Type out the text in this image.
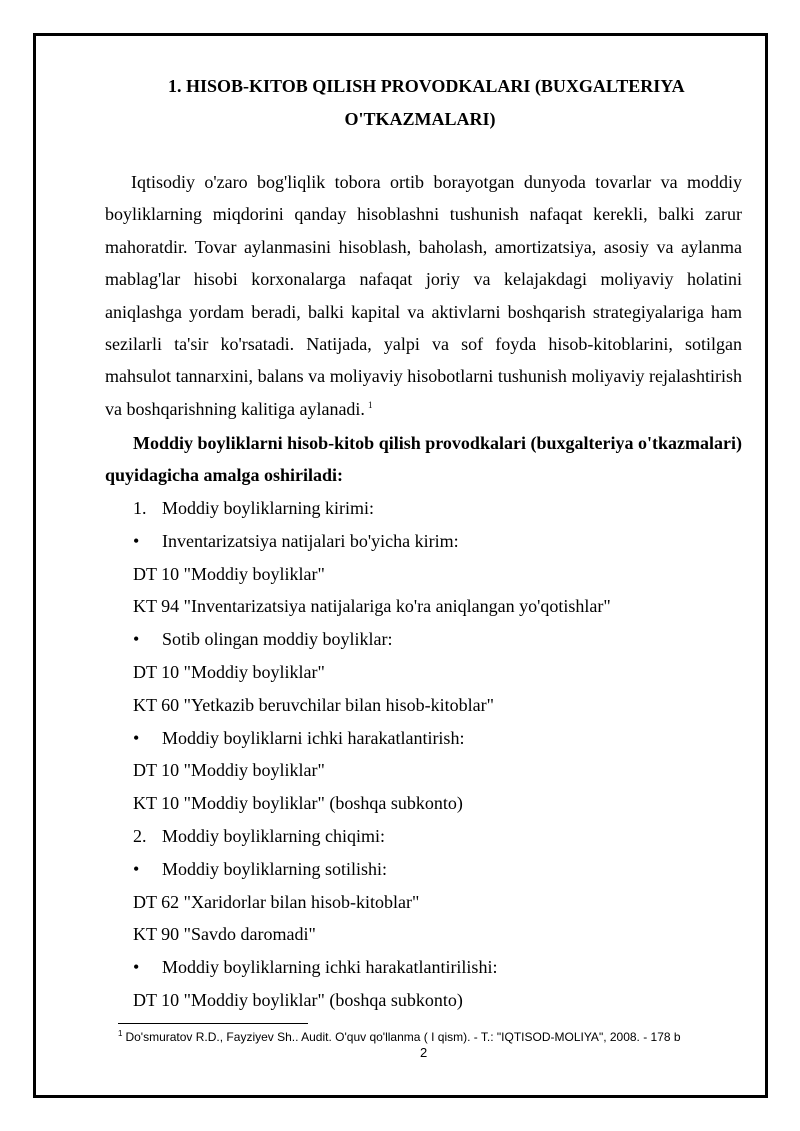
1. HISOB-KITOB QILISH PROVODKALARI (BUXGALTERIYA
O'TKAZMALARI)
Iqtisodiy o'zaro bog'liqlik tobora ortib borayotgan dunyoda tovarlar va moddiy boyliklarning miqdorini qanday hisoblashni tushunish nafaqat kerekli, balki zarur mahoratdir. Tovar aylanmasini hisoblash, baholash, amortizatsiya, asosiy va aylanma mablag'lar hisobi korxonalarga nafaqat joriy va kelajakdagi moliyaviy holatini aniqlashga yordam beradi, balki kapital va aktivlarni boshqarish strategiyalariga ham sezilarli ta'sir ko'rsatadi. Natijada, yalpi va sof foyda hisob-kitoblarini, sotilgan mahsulot tannarxini, balans va moliyaviy hisobotlarni tushunish moliyaviy rejalashtirish va boshqarishning kalitiga aylanadi. $^1$
Moddiy boyliklarni hisob-kitob qilish provodkalari (buxgalteriya o'tkazmalari) quyidagicha amalga oshiriladi:
1. Moddiy boyliklarning kirimi:
• Inventarizatsiya natijalari bo'yicha kirim:
DT 10 "Moddiy boyliklar"
KT 94 "Inventarizatsiya natijalariga ko'ra aniqlangan yo'qotishlar"
• Sotib olingan moddiy boyliklar:
DT 10 "Moddiy boyliklar"
KT 60 "Yetkazib beruvchilar bilan hisob-kitoblar"
• Moddiy boyliklarni ichki harakatlantirish:
DT 10 "Moddiy boyliklar"
KT 10 "Moddiy boyliklar" (boshqa subkonto)
2. Moddiy boyliklarning chiqimi:
• Moddiy boyliklarning sotilishi:
DT 62 "Xaridorlar bilan hisob-kitoblar"
KT 90 "Savdo daromadi"
• Moddiy boyliklarning ichki harakatlantirilishi:
DT 10 "Moddiy boyliklar" (boshqa subkonto)
$^1$ Do'smuratov R.D., Fayziyev Sh.. Audit. O'quv qo'llanma ( I qism). - T.: "IQTISOD-MOLIYA", 2008. - 178 b
2
